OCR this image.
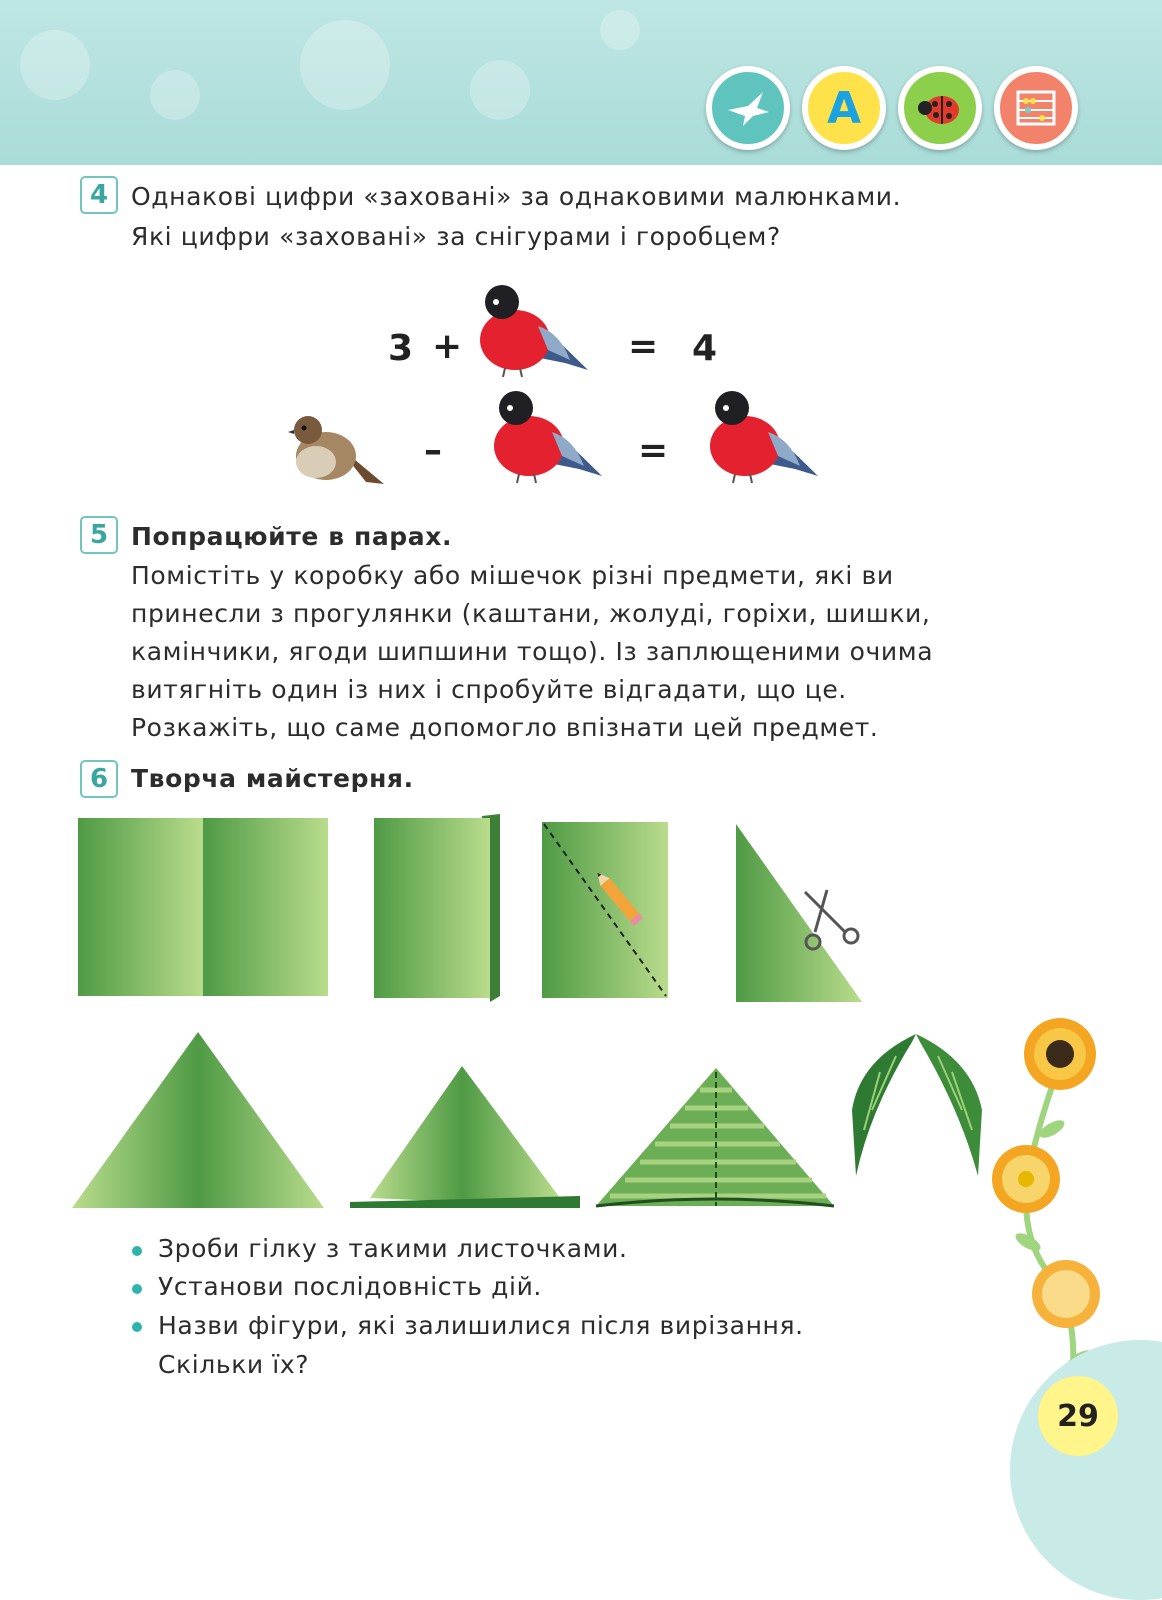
A
4 Однакові цифри «заховані» за однаковими малюнками.
Які цифри «заховані» за снігурами і горобцем?
3 +	= 4
–	=
5 Попрацюйте в парах.
Помістіть у коробку або мішечок різні предмети, які ви
принесли з прогулянки (каштани, жолуді, горіхи, шишки,
камінчики, ягоди шипшини тощо). Із заплющеними очима
витягніть один із них і спробуйте відгадати, що це.
Розкажіть, що саме допомогло впізнати цей предмет.
6 Творча майстерня.
Зроби гілку з такими листочками.
Установи послідовність дій.
Назви фігури, які залишилися після вирізання.
Скільки їх?
29
